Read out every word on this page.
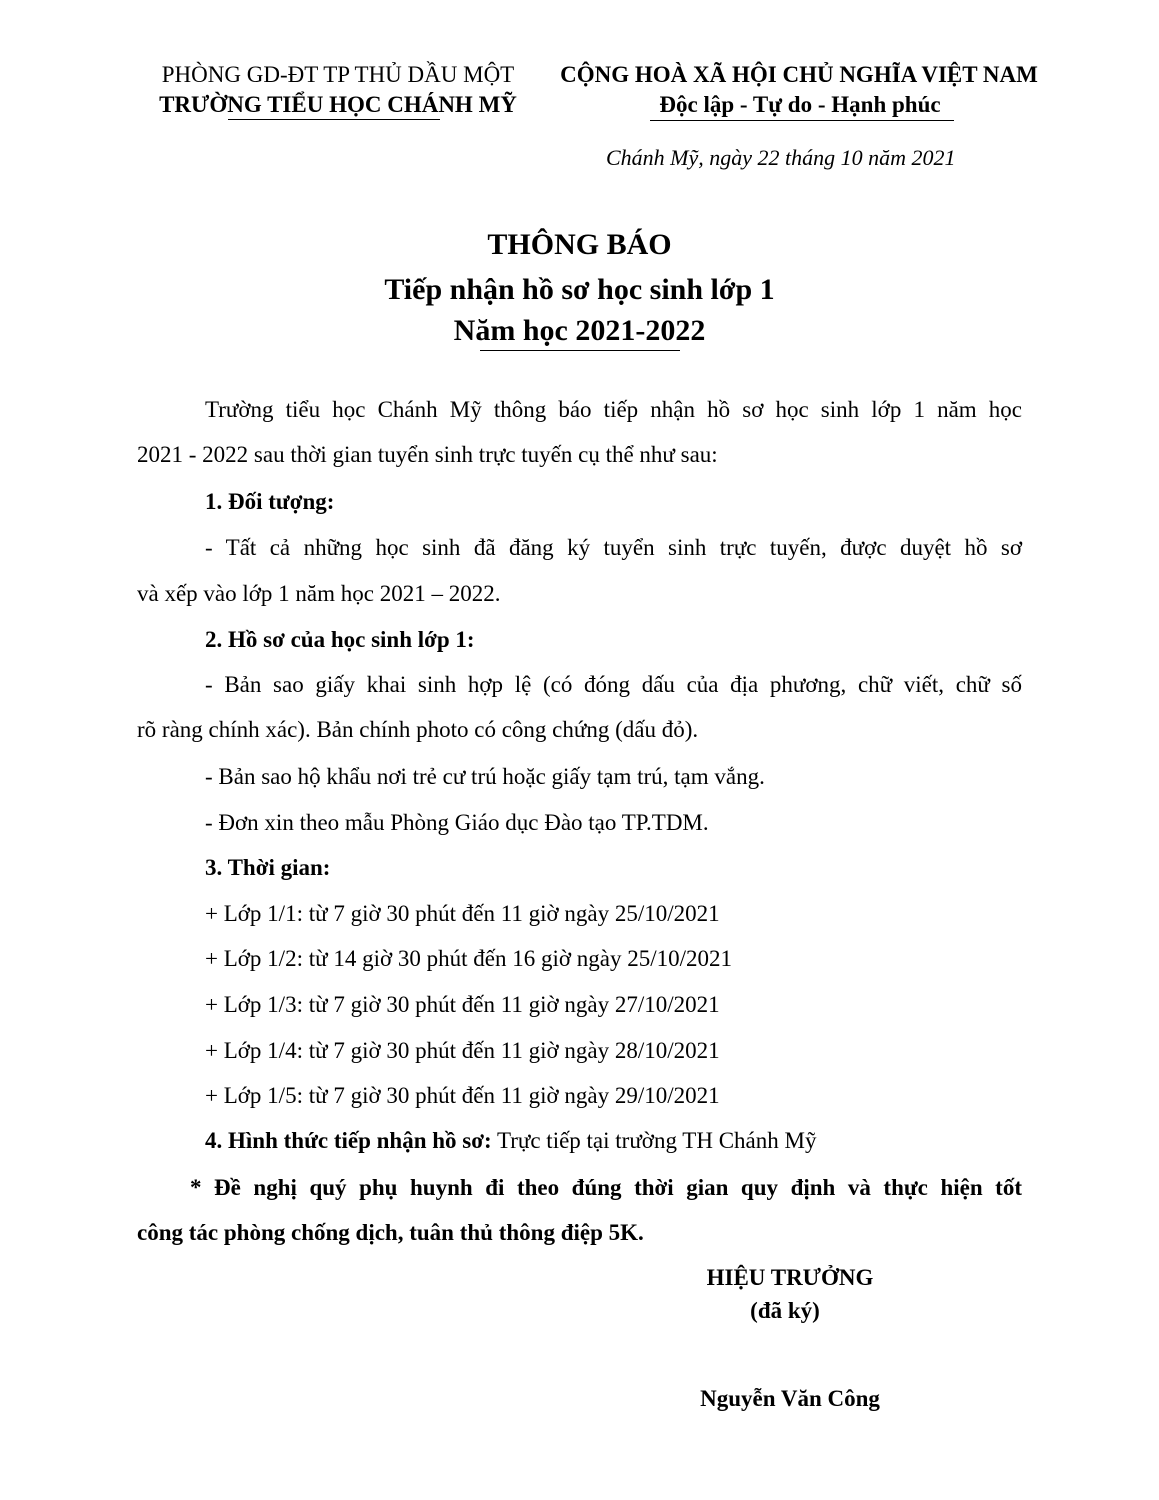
PHÒNG GD-ĐT TP THỦ DẦU MỘT
TRƯỜNG TIỂU HỌC CHÁNH MỸ
CỘNG HOÀ XÃ HỘI CHỦ NGHĨA VIỆT NAM
Độc lập - Tự do - Hạnh phúc
Chánh Mỹ, ngày 22 tháng 10 năm 2021
THÔNG BÁO
Tiếp nhận hồ sơ học sinh lớp 1
Năm học 2021-2022
Trường tiểu học Chánh Mỹ thông báo tiếp nhận hồ sơ học sinh lớp 1 năm học
2021 - 2022 sau thời gian tuyển sinh trực tuyến cụ thể như sau:
1. Đối tượng:
- Tất cả những học sinh đã đăng ký tuyển sinh trực tuyến, được duyệt hồ sơ
và xếp vào lớp 1 năm học 2021 – 2022.
2. Hồ sơ của học sinh lớp 1:
- Bản sao giấy khai sinh hợp lệ (có đóng dấu của địa phương, chữ viết, chữ số
rõ ràng chính xác). Bản chính photo có công chứng (dấu đỏ).
- Bản sao hộ khẩu nơi trẻ cư trú hoặc giấy tạm trú, tạm vắng.
- Đơn xin theo mẫu Phòng Giáo dục Đào tạo TP.TDM.
3. Thời gian:
+ Lớp 1/1: từ 7 giờ 30 phút đến 11 giờ ngày 25/10/2021
+ Lớp 1/2: từ 14 giờ 30 phút đến 16 giờ ngày 25/10/2021
+ Lớp 1/3: từ 7 giờ 30 phút đến 11 giờ ngày 27/10/2021
+ Lớp 1/4: từ 7 giờ 30 phút đến 11 giờ ngày 28/10/2021
+ Lớp 1/5: từ 7 giờ 30 phút đến 11 giờ ngày 29/10/2021
4. Hình thức tiếp nhận hồ sơ: Trực tiếp tại trường TH Chánh Mỹ
* Đề nghị quý phụ huynh đi theo đúng thời gian quy định và thực hiện tốt
công tác phòng chống dịch, tuân thủ thông điệp 5K.
HIỆU TRƯỞNG
(đã ký)
Nguyễn Văn Công
